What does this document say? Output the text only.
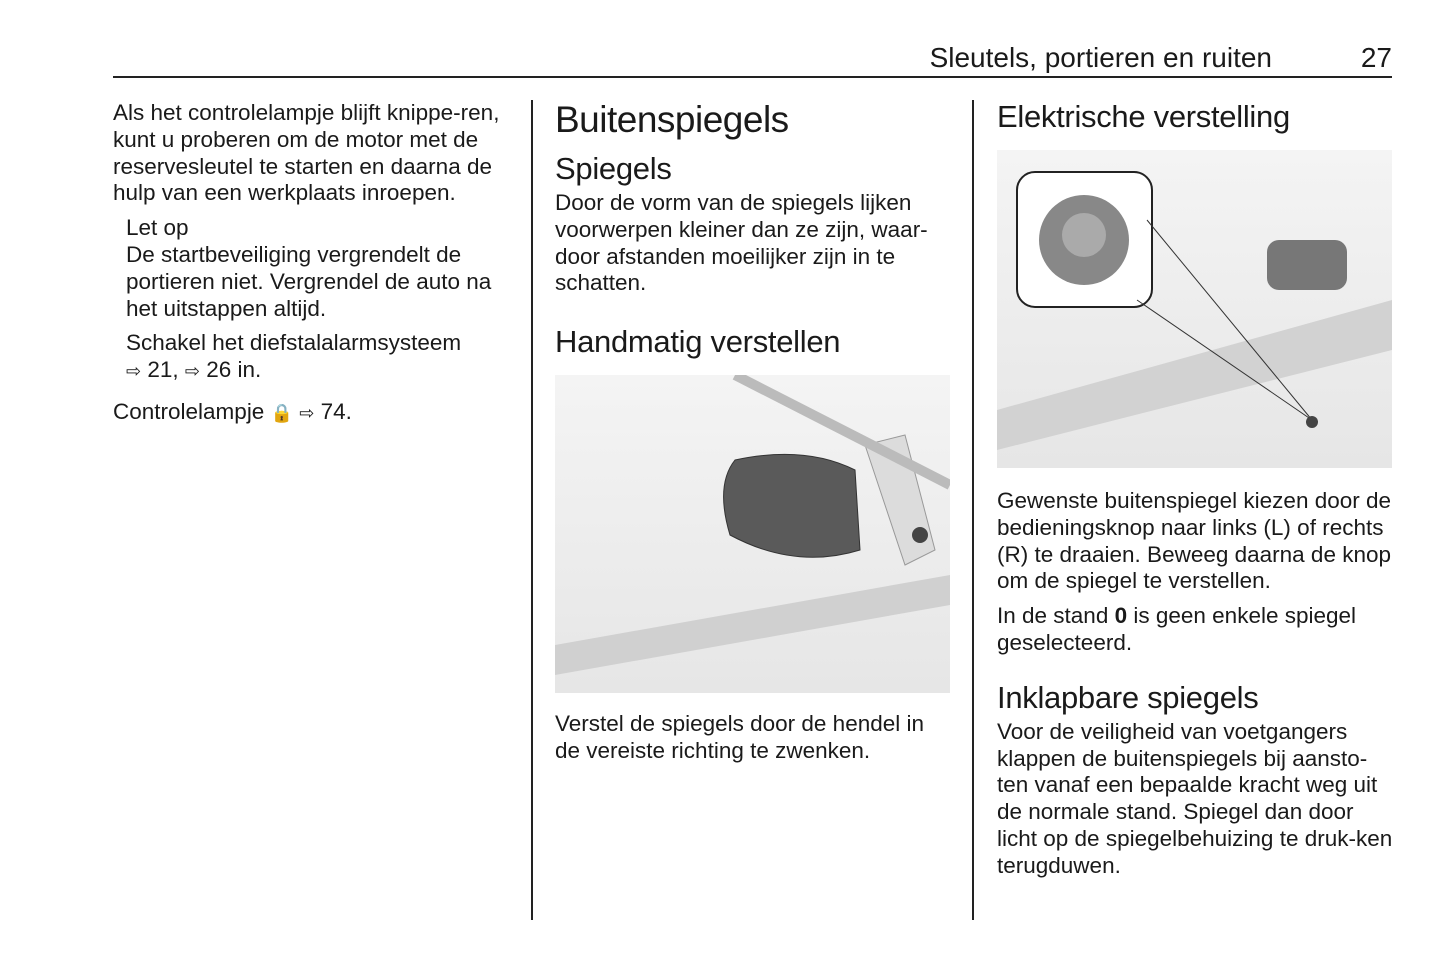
Sleutels, portieren en ruiten	27

Als het controlelampje blijft knippe-ren, kunt u proberen om de motor met de reservesleutel te starten en daarna de hulp van een werkplaats inroepen.

Let op

De startbeveiliging vergrendelt de portieren niet. Vergrendel de auto na het uitstappen altijd.

Schakel het diefstalalarmsysteem

⇨ 21, ⇨ 26 in.

Controlelampje 🔒 ⇨ 74.

Buitenspiegels
Spiegels

Door de vorm van de spiegels lijken voorwerpen kleiner dan ze zijn, waar-door afstanden moeilijker zijn in te schatten.

Handmatig verstellen

Verstel de spiegels door de hendel in de vereiste richting te zwenken.

Elektrische verstelling

Gewenste buitenspiegel kiezen door de bedieningsknop naar links (L) of rechts (R) te draaien. Beweeg daarna de knop om de spiegel te verstellen.

In de stand 0 is geen enkele spiegel geselecteerd.

Inklapbare spiegels

Voor de veiligheid van voetgangers klappen de buitenspiegels bij aansto-ten vanaf een bepaalde kracht weg uit de normale stand. Spiegel dan door licht op de spiegelbehuizing te druk-ken terugduwen.
